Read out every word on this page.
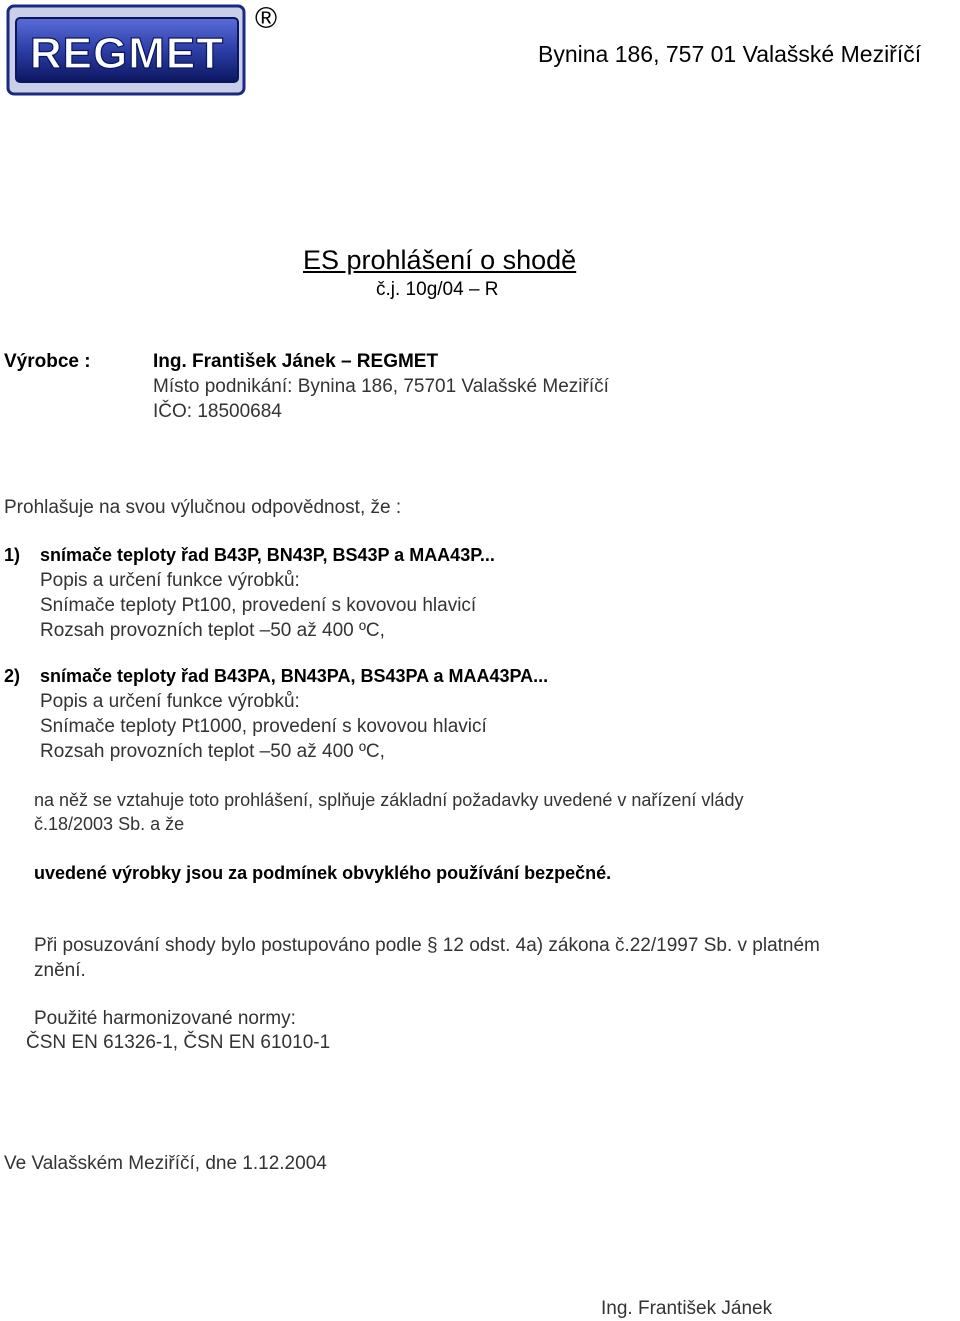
REGMET
®
Bynina 186, 757 01 Valašské Meziříčí
ES prohlášení o shodě
č.j. 10g/04 – R
Výrobce :	Ing. František Jánek – REGMET
Místo podnikání: Bynina 186, 75701 Valašské Meziříčí
IČO: 18500684
Prohlašuje na svou výlučnou odpovědnost, že :
1) snímače teploty řad B43P, BN43P, BS43P a MAA43P...
Popis a určení funkce výrobků:
Snímače teploty Pt100, provedení s kovovou hlavicí
Rozsah provozních teplot –50 až 400 ºC,
2) snímače teploty řad B43PA, BN43PA, BS43PA a MAA43PA...
Popis a určení funkce výrobků:
Snímače teploty Pt1000, provedení s kovovou hlavicí
Rozsah provozních teplot –50 až 400 ºC,
na něž se vztahuje toto prohlášení, splňuje základní požadavky uvedené v nařízení vlády
č.18/2003 Sb. a že
uvedené výrobky jsou za podmínek obvyklého používání bezpečné.
Při posuzování shody bylo postupováno podle § 12 odst. 4a) zákona č.22/1997 Sb. v platném
znění.
Použité harmonizované normy:
ČSN EN 61326-1, ČSN EN 61010-1
Ve Valašském Meziříčí, dne 1.12.2004
Ing. František Jánek
